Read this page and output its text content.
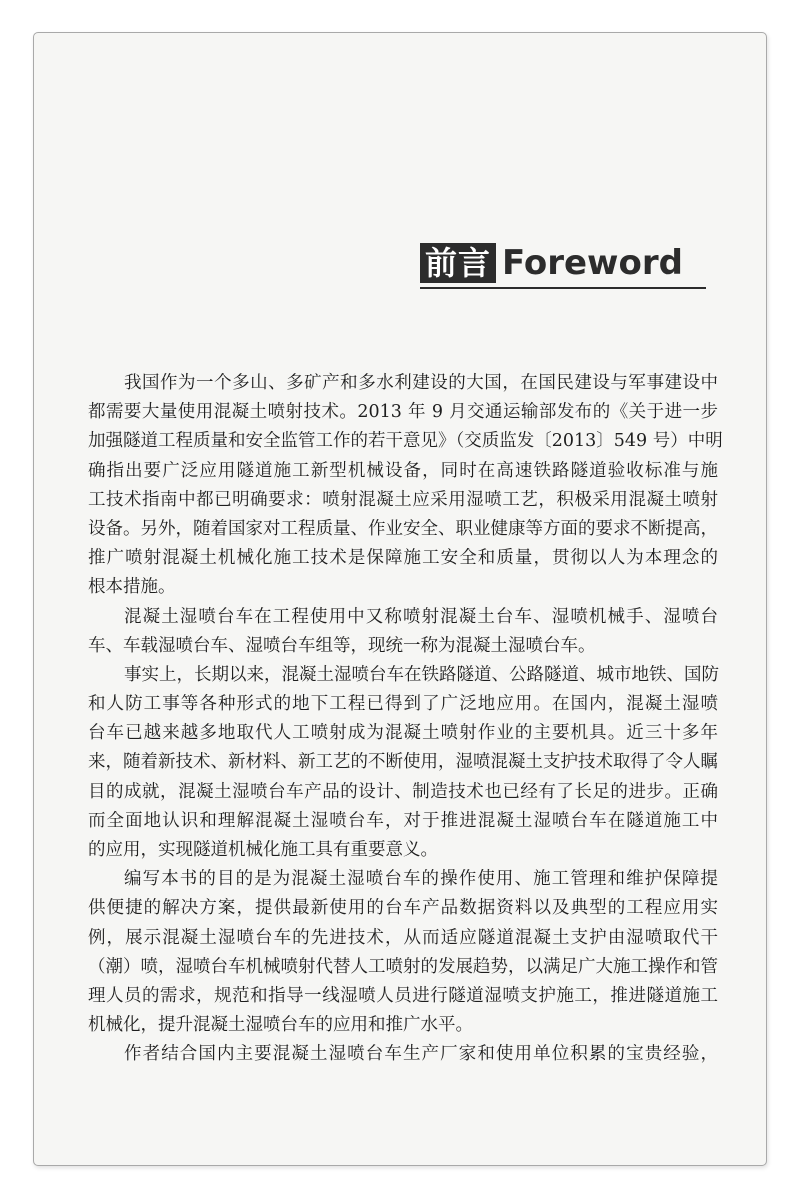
前言 Foreword
我国作为一个多山、多矿产和多水利建设的大国，在国民建设与军事建设中
都需要大量使用混凝土喷射技术。2013 年 9 月交通运输部发布的《关于进一步
加强隧道工程质量和安全监管工作的若干意见》（交质监发〔2013〕549 号）中明
确指出要广泛应用隧道施工新型机械设备，同时在高速铁路隧道验收标准与施
工技术指南中都已明确要求：喷射混凝土应采用湿喷工艺，积极采用混凝土喷射
设备。另外，随着国家对工程质量、作业安全、职业健康等方面的要求不断提高，
推广喷射混凝土机械化施工技术是保障施工安全和质量，贯彻以人为本理念的
根本措施。
混凝土湿喷台车在工程使用中又称喷射混凝土台车、湿喷机械手、湿喷台
车、车载湿喷台车、湿喷台车组等，现统一称为混凝土湿喷台车。
事实上，长期以来，混凝土湿喷台车在铁路隧道、公路隧道、城市地铁、国防
和人防工事等各种形式的地下工程已得到了广泛地应用。在国内，混凝土湿喷
台车已越来越多地取代人工喷射成为混凝土喷射作业的主要机具。近三十多年
来，随着新技术、新材料、新工艺的不断使用，湿喷混凝土支护技术取得了令人瞩
目的成就，混凝土湿喷台车产品的设计、制造技术也已经有了长足的进步。正确
而全面地认识和理解混凝土湿喷台车，对于推进混凝土湿喷台车在隧道施工中
的应用，实现隧道机械化施工具有重要意义。
编写本书的目的是为混凝土湿喷台车的操作使用、施工管理和维护保障提
供便捷的解决方案，提供最新使用的台车产品数据资料以及典型的工程应用实
例，展示混凝土湿喷台车的先进技术，从而适应隧道混凝土支护由湿喷取代干
（潮）喷，湿喷台车机械喷射代替人工喷射的发展趋势，以满足广大施工操作和管
理人员的需求，规范和指导一线湿喷人员进行隧道湿喷支护施工，推进隧道施工
机械化，提升混凝土湿喷台车的应用和推广水平。
作者结合国内主要混凝土湿喷台车生产厂家和使用单位积累的宝贵经验，
